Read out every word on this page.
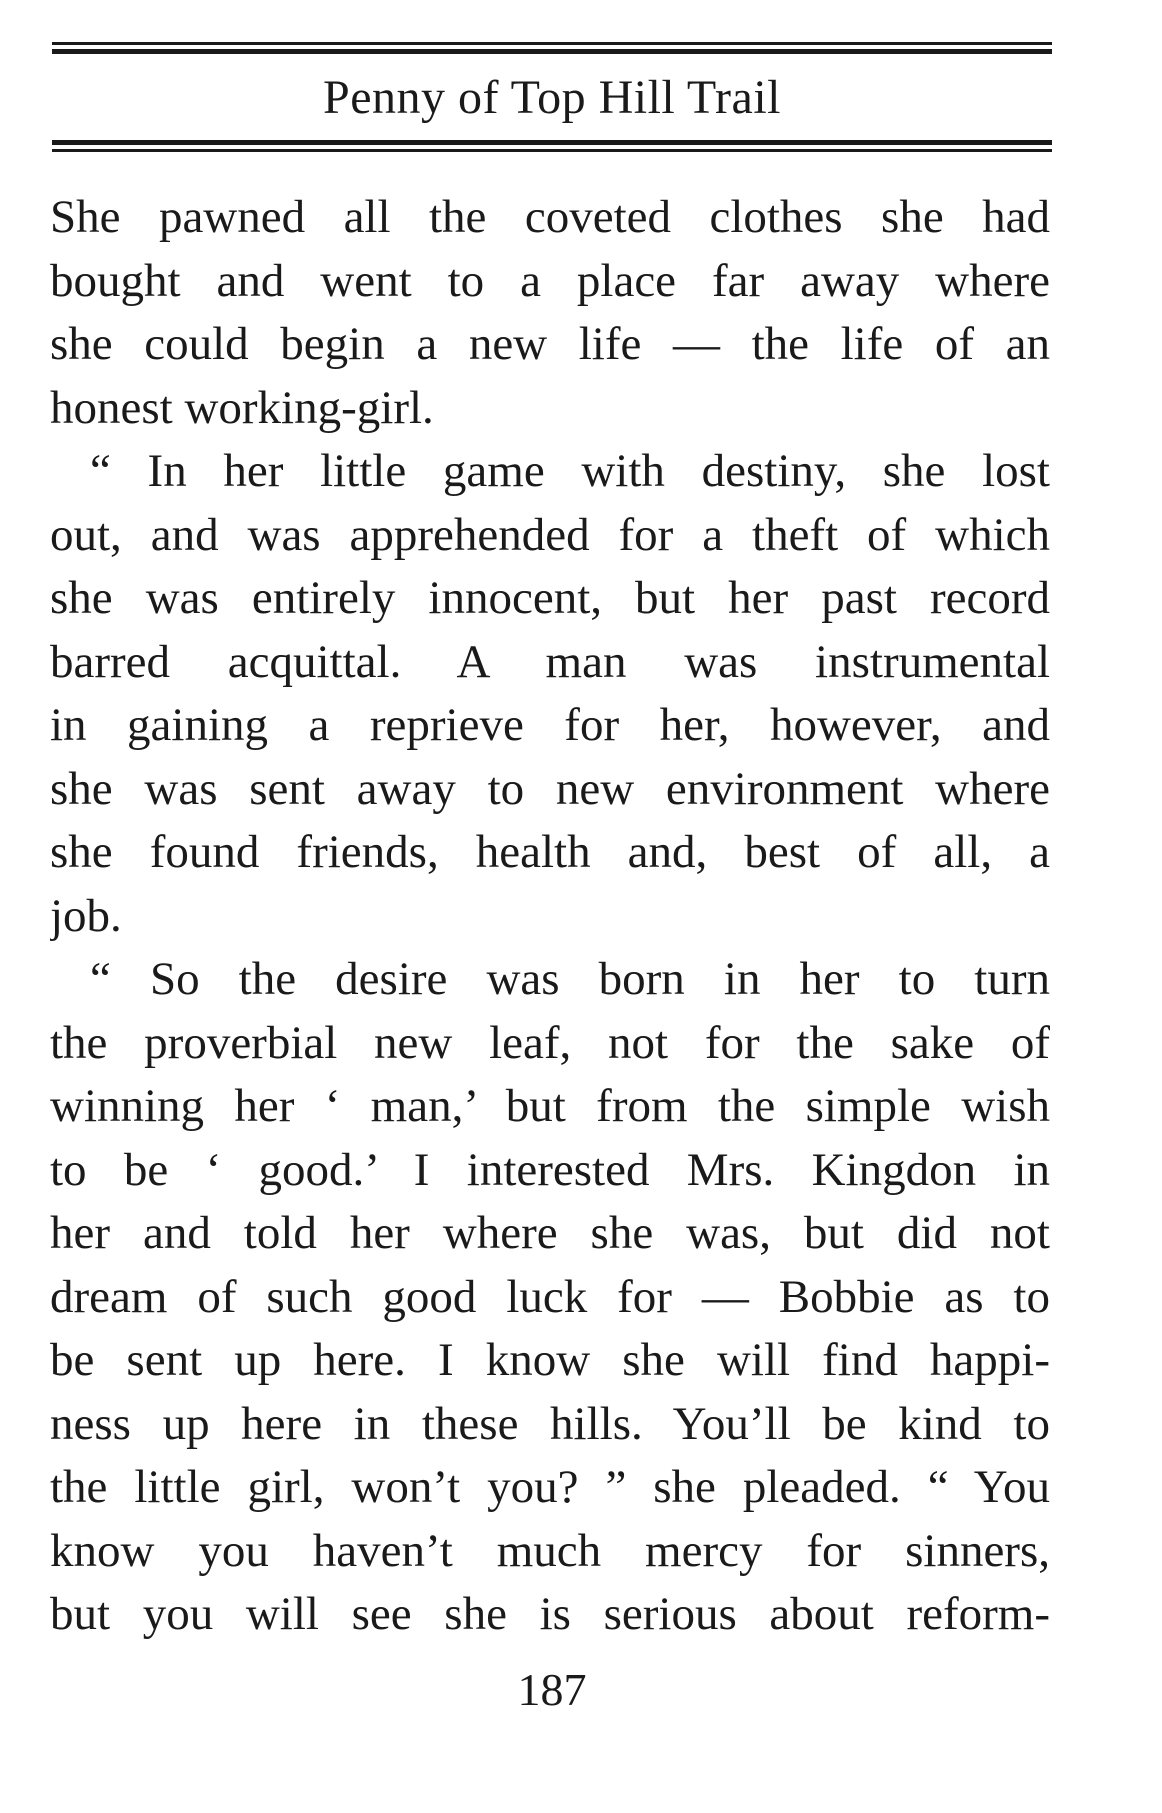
Penny of Top Hill Trail
She pawned all the coveted clothes she had
bought and went to a place far away where
she could begin a new life — the life of an
honest working-girl.
“ In her little game with destiny, she lost
out, and was apprehended for a theft of which
she was entirely innocent, but her past record
barred acquittal. A man was instrumental
in gaining a reprieve for her, however, and
she was sent away to new environment where
she found friends, health and, best of all, a
job.
“ So the desire was born in her to turn
the proverbial new leaf, not for the sake of
winning her ‘ man,’ but from the simple wish
to be ‘ good.’ I interested Mrs. Kingdon in
her and told her where she was, but did not
dream of such good luck for — Bobbie as to
be sent up here. I know she will find happi-
ness up here in these hills. You’ll be kind to
the little girl, won’t you? ” she pleaded. “ You
know you haven’t much mercy for sinners,
but you will see she is serious about reform-
187
